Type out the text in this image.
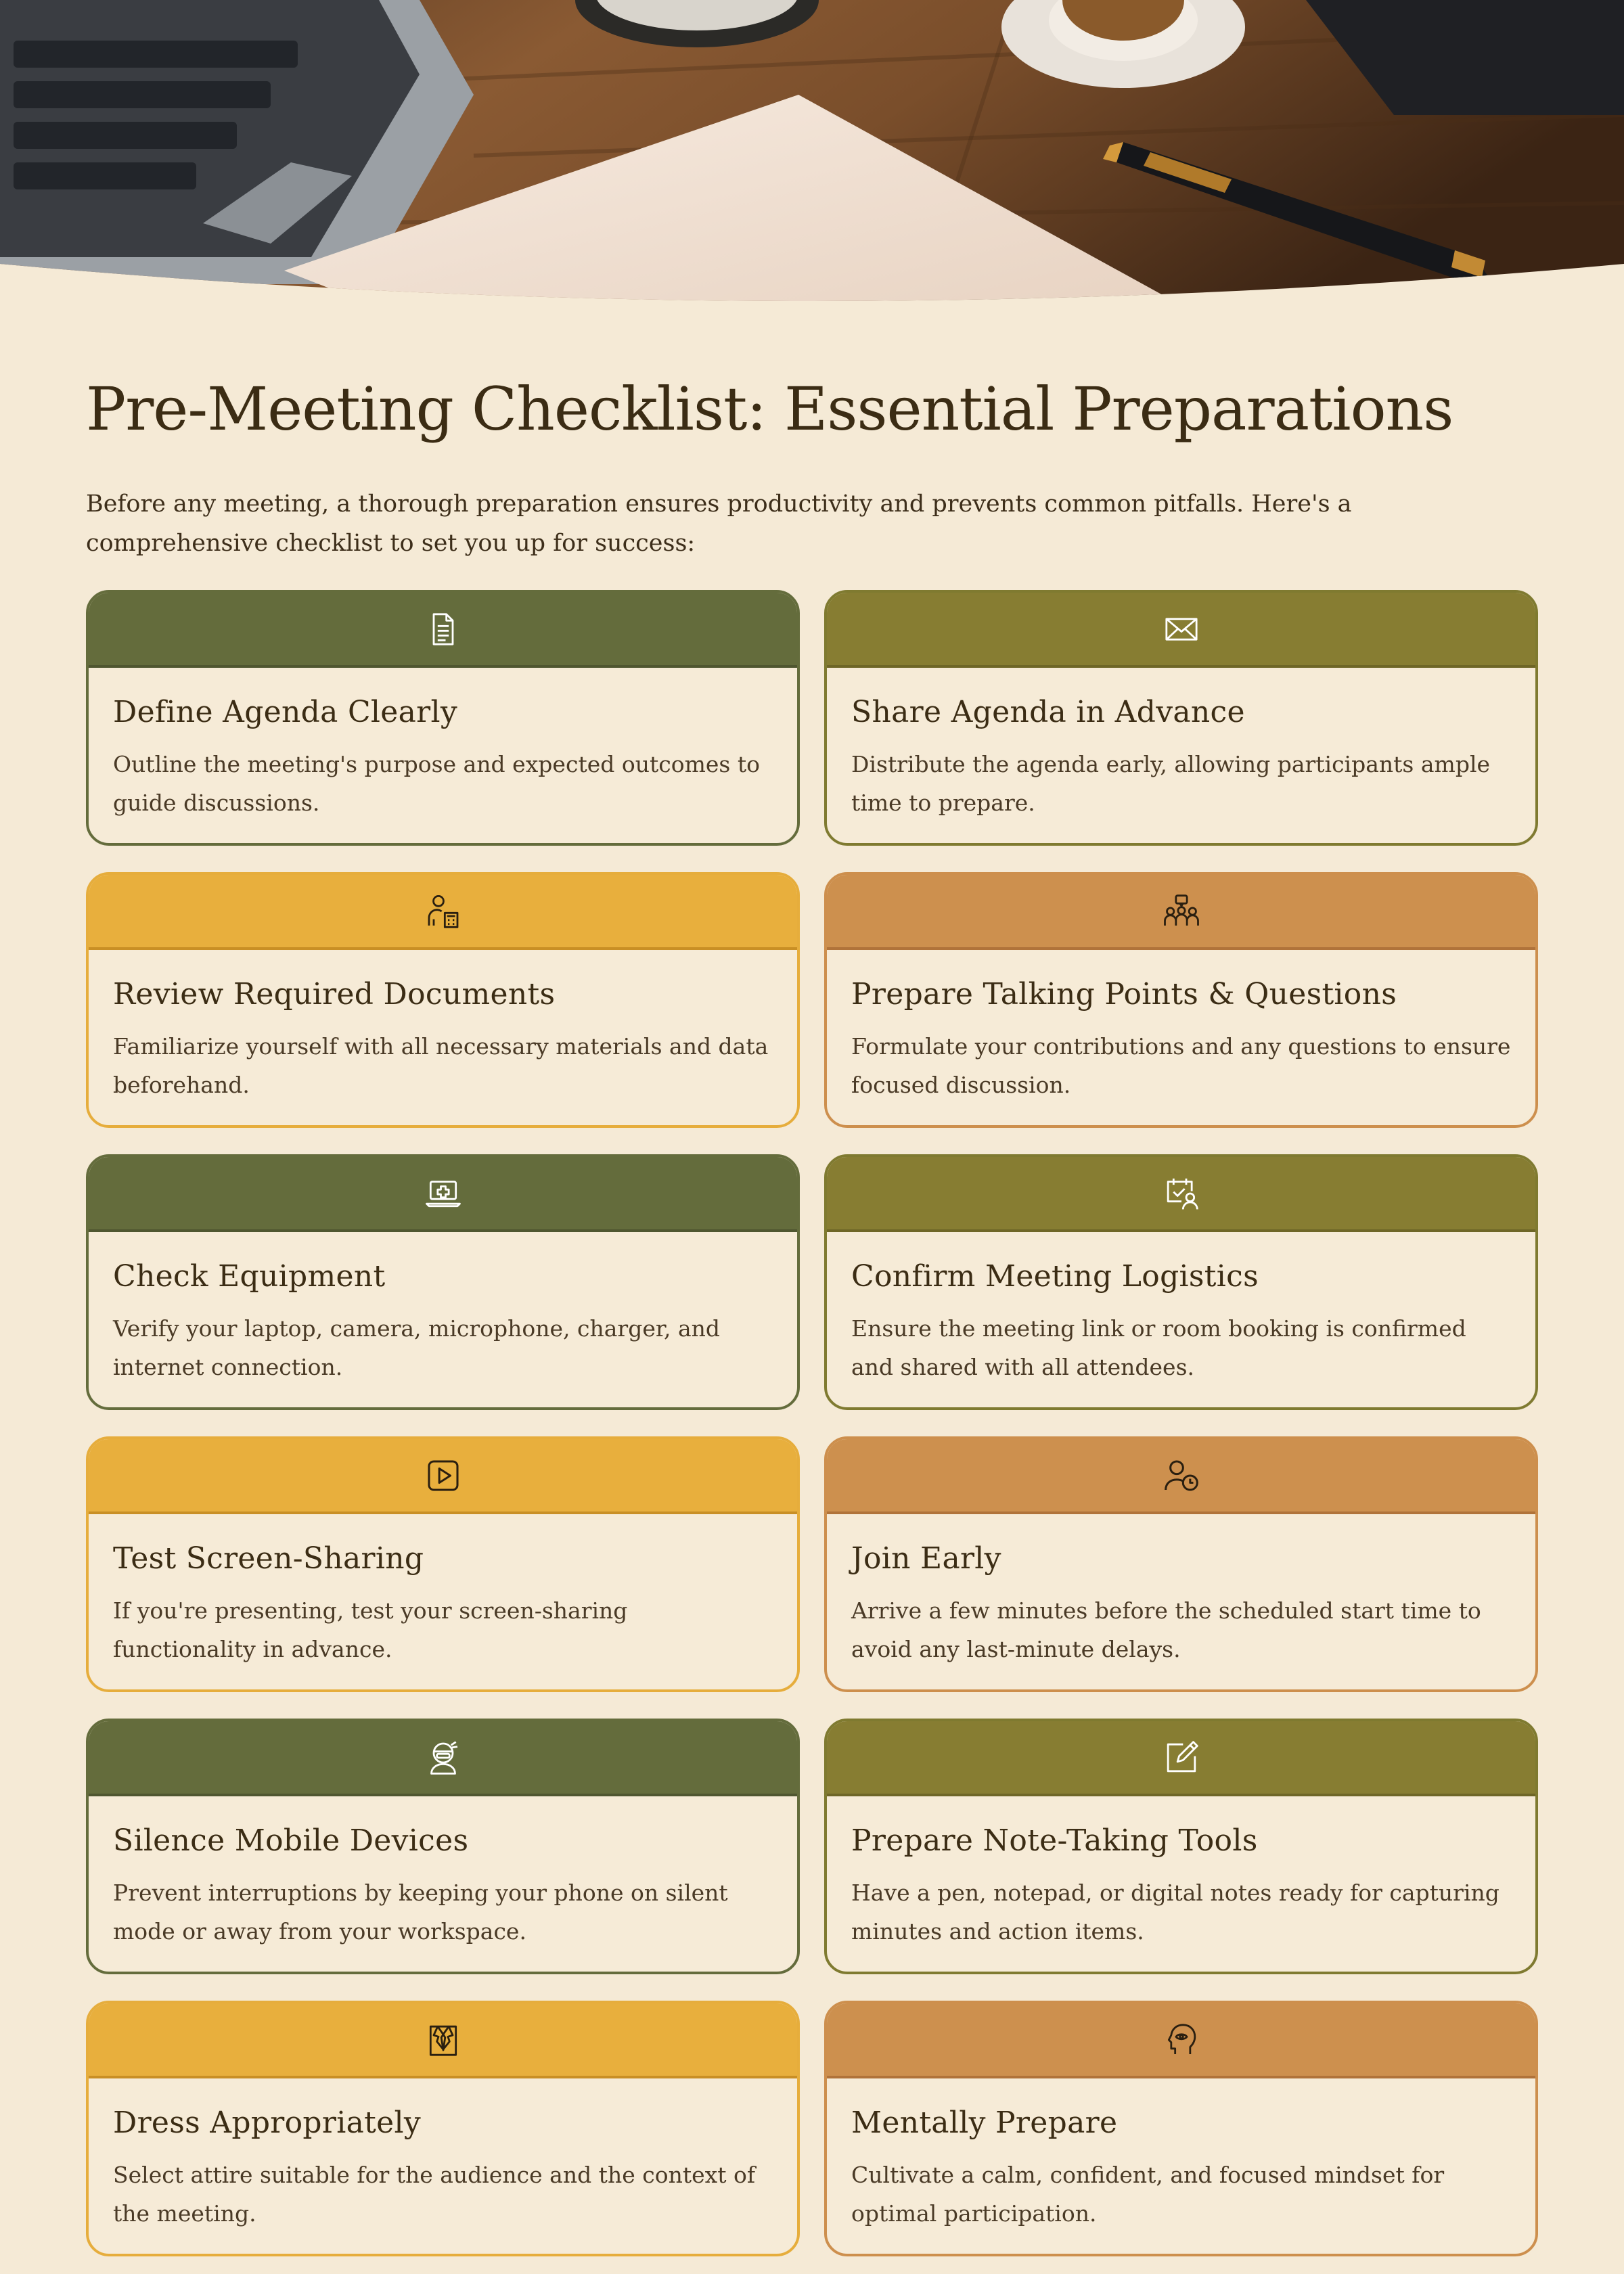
Pre-Meeting Checklist: Essential Preparations

Before any meeting, a thorough preparation ensures productivity and prevents common pitfalls. Here's a comprehensive checklist to set you up for success:

Define Agenda Clearly

Outline the meeting's purpose and expected outcomes to guide discussions.

Share Agenda in Advance

Distribute the agenda early, allowing participants ample time to prepare.

Review Required Documents

Familiarize yourself with all necessary materials and data beforehand.

Prepare Talking Points & Questions

Formulate your contributions and any questions to ensure focused discussion.

Check Equipment

Verify your laptop, camera, microphone, charger, and internet connection.

Confirm Meeting Logistics

Ensure the meeting link or room booking is confirmed and shared with all attendees.

Test Screen-Sharing

If you're presenting, test your screen-sharing functionality in advance.

Join Early

Arrive a few minutes before the scheduled start time to avoid any last-minute delays.

Silence Mobile Devices

Prevent interruptions by keeping your phone on silent mode or away from your workspace.

Prepare Note-Taking Tools

Have a pen, notepad, or digital notes ready for capturing minutes and action items.

Dress Appropriately

Select attire suitable for the audience and the context of the meeting.

Mentally Prepare

Cultivate a calm, confident, and focused mindset for optimal participation.
